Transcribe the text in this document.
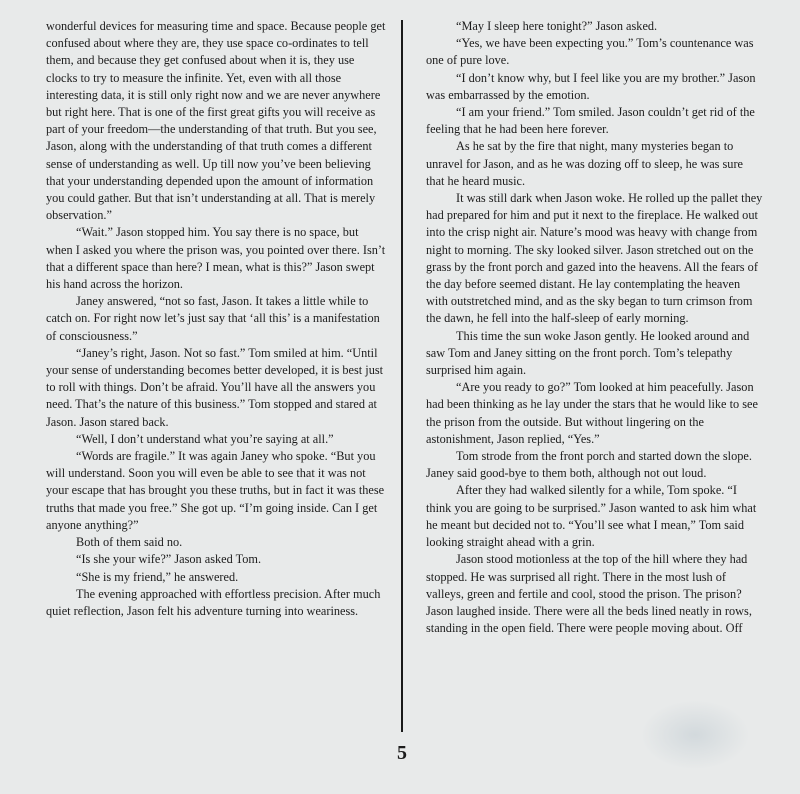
wonderful devices for measuring time and space. Because people get confused about where they are, they use space co-ordinates to tell them, and because they get confused about when it is, they use clocks to try to measure the infinite. Yet, even with all those interesting data, it is still only right now and we are never anywhere but right here. That is one of the first great gifts you will receive as part of your freedom—the understanding of that truth. But you see, Jason, along with the understanding of that truth comes a different sense of understanding as well. Up till now you’ve been believing that your understanding depended upon the amount of information you could gather. But that isn’t understanding at all. That is merely observation.”

“Wait.” Jason stopped him. You say there is no space, but when I asked you where the prison was, you pointed over there. Isn’t that a different space than here? I mean, what is this?” Jason swept his hand across the horizon.

Janey answered, “not so fast, Jason. It takes a little while to catch on. For right now let’s just say that ‘all this’ is a manifestation of consciousness.”

“Janey’s right, Jason. Not so fast.” Tom smiled at him. “Until your sense of understanding becomes better developed, it is best just to roll with things. Don’t be afraid. You’ll have all the answers you need. That’s the nature of this business.” Tom stopped and stared at Jason. Jason stared back.

“Well, I don’t understand what you’re saying at all.”

“Words are fragile.” It was again Janey who spoke. “But you will understand. Soon you will even be able to see that it was not your escape that has brought you these truths, but in fact it was these truths that made you free.” She got up. “I’m going inside. Can I get anyone anything?”

Both of them said no.

“Is she your wife?” Jason asked Tom.

“She is my friend,” he answered.

The evening approached with effortless precision. After much quiet reflection, Jason felt his adventure turning into weariness.

“May I sleep here tonight?” Jason asked.

“Yes, we have been expecting you.” Tom’s countenance was one of pure love.

“I don’t know why, but I feel like you are my brother.” Jason was embarrassed by the emotion.

“I am your friend.” Tom smiled. Jason couldn’t get rid of the feeling that he had been here forever.

As he sat by the fire that night, many mysteries began to unravel for Jason, and as he was dozing off to sleep, he was sure that he heard music.

It was still dark when Jason woke. He rolled up the pallet they had prepared for him and put it next to the fireplace. He walked out into the crisp night air. Nature’s mood was heavy with change from night to morning. The sky looked silver. Jason stretched out on the grass by the front porch and gazed into the heavens. All the fears of the day before seemed distant. He lay contemplating the heaven with outstretched mind, and as the sky began to turn crimson from the dawn, he fell into the half-sleep of early morning.

This time the sun woke Jason gently. He looked around and saw Tom and Janey sitting on the front porch. Tom’s telepathy surprised him again.

“Are you ready to go?” Tom looked at him peacefully. Jason had been thinking as he lay under the stars that he would like to see the prison from the outside. But without lingering on the astonishment, Jason replied, “Yes.”

Tom strode from the front porch and started down the slope. Janey said good-bye to them both, although not out loud.

After they had walked silently for a while, Tom spoke. “I think you are going to be surprised.” Jason wanted to ask him what he meant but decided not to. “You’ll see what I mean,” Tom said looking straight ahead with a grin.

Jason stood motionless at the top of the hill where they had stopped. He was surprised all right. There in the most lush of valleys, green and fertile and cool, stood the prison. The prison? Jason laughed inside. There were all the beds lined neatly in rows, standing in the open field. There were people moving about. Off

5
